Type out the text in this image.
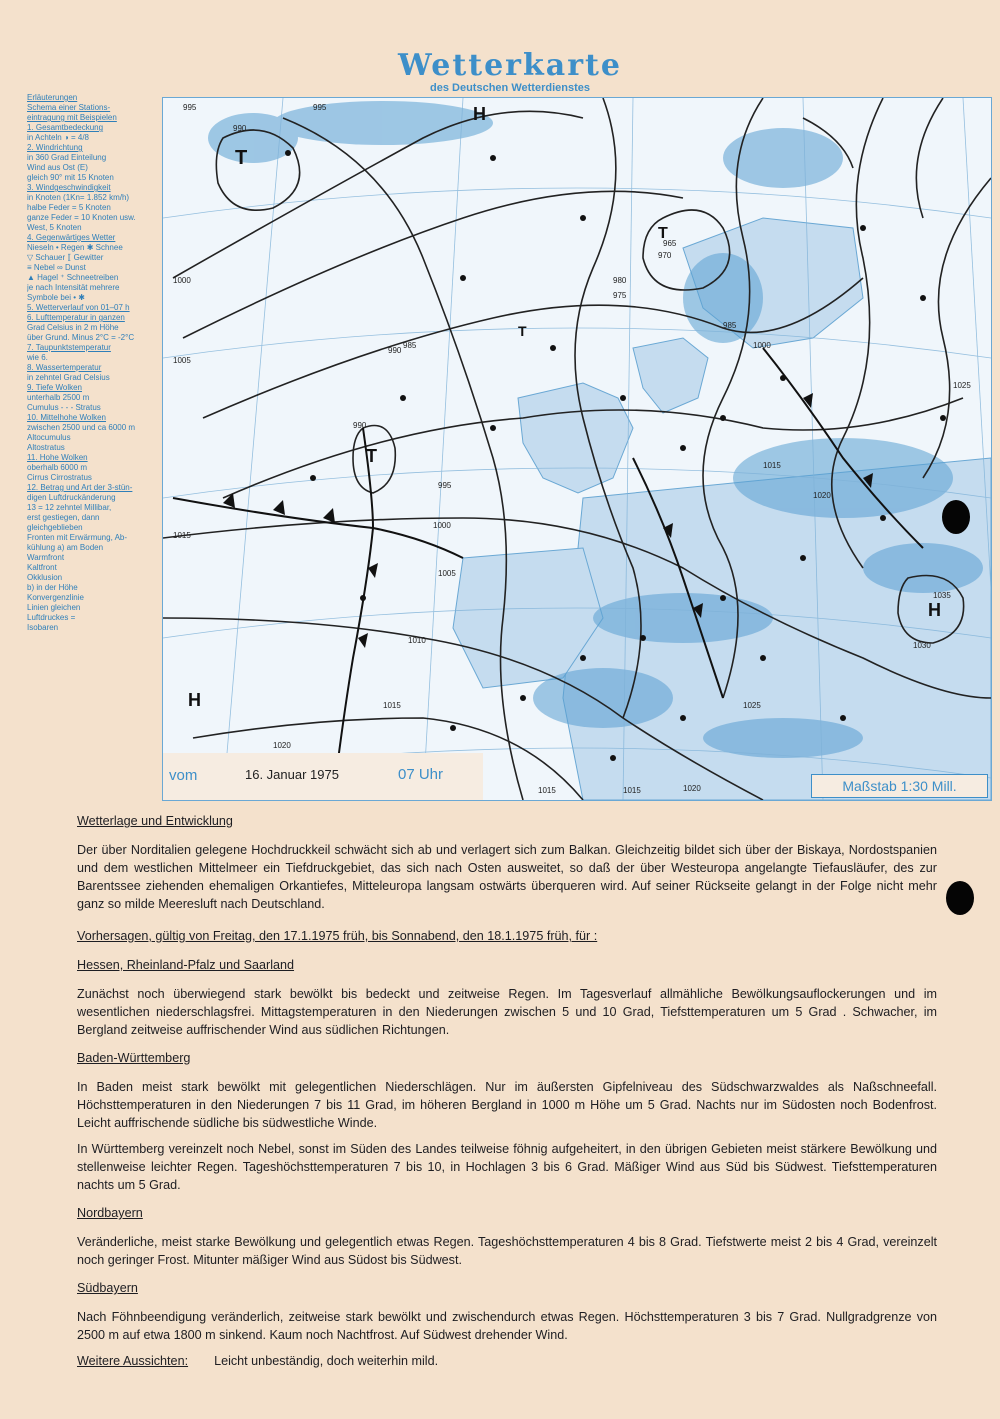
Wetterkarte
des Deutschen Wetterdienstes
Erläuterungen
Schema einer Stations-
eintragung mit Beispielen
1. Gesamtbedeckung
in Achteln ◑ = 4/8
2. Windrichtung
in 360 Grad Einteilung
Wind aus Ost (E)
gleich 90° mit 15 Knoten
3. Windgeschwindigkeit
in Knoten (1Kn= 1.852 km/h)
halbe Feder = 5 Knoten
ganze Feder = 10 Knoten usw.
West, 5 Knoten
4. Gegenwärtiges Wetter
Nieseln • Regen ✱ Schnee
▽ Schauer ⟦ Gewitter
≡ Nebel ∞ Dunst
▲ Hagel ⁺ Schneetreiben
je nach Intensität mehrere
Symbole bei • ✱
5. Wetterverlauf von 01–07 h
6. Lufttemperatur in ganzen
Grad Celsius in 2 m Höhe
über Grund. Minus 2°C = -2°C
7. Taupunktstemperatur
wie 6.
8. Wassertemperatur
in zehntel Grad Celsius
9. Tiefe Wolken
unterhalb 2500 m
Cumulus - - - Stratus
10. Mittelhohe Wolken
zwischen 2500 und ca 6000 m
Altocumulus
Altostratus
11. Hohe Wolken
oberhalb 6000 m
Cirrus Cirrostratus
12. Betrag und Art der 3-stün-
digen Luftdruckänderung
13 = 12 zehntel Millibar,
erst gestiegen, dann
gleichgeblieben
Fronten mit Erwärmung, Ab-
kühlung a) am Boden
Warmfront
Kaltfront
Okklusion
b) in der Höhe
Konvergenzlinie
Linien gleichen
Luftdruckes =
Isobaren
995	995
990
1000
1005
990
985
990
995
1000
1005
1010
1015
1020
1015
980
975
970
965
985
1000
1015
1020
1025
1025
1030
1035
1020
1015
1015
T
T
T
T
H
H
H
vom	16. Januar 1975	07 Uhr
Maßstab 1:30 Mill.
Wetterlage und Entwicklung
Der über Norditalien gelegene Hochdruckkeil schwächt sich ab und verlagert sich zum Balkan. Gleichzeitig bildet sich über der Biskaya, Nordostspanien und dem westlichen Mittelmeer ein Tiefdruckgebiet, das sich nach Osten ausweitet, so daß der über Westeuropa angelangte Tiefausläufer, des zur Barentssee ziehenden ehemaligen Orkantiefes, Mitteleuropa langsam ostwärts überqueren wird. Auf seiner Rückseite gelangt in der Folge nicht mehr ganz so milde Meeresluft nach Deutschland.
Vorhersagen, gültig von Freitag, den 17.1.1975 früh, bis Sonnabend, den 18.1.1975 früh, für :
Hessen, Rheinland-Pfalz und Saarland
Zunächst noch überwiegend stark bewölkt bis bedeckt und zeitweise Regen. Im Tagesverlauf allmähliche Bewölkungsauflockerungen und im wesentlichen niederschlagsfrei. Mittagstemperaturen in den Niederungen zwischen 5 und 10 Grad, Tiefsttemperaturen um 5 Grad . Schwacher, im Bergland zeitweise auffrischender Wind aus südlichen Richtungen.
Baden-Württemberg
In Baden meist stark bewölkt mit gelegentlichen Niederschlägen. Nur im äußersten Gipfelniveau des Südschwarzwaldes als Naßschneefall. Höchsttemperaturen in den Niederungen 7 bis 11 Grad, im höheren Bergland in 1000 m Höhe um 5 Grad. Nachts nur im Südosten noch Bodenfrost. Leicht auffrischende südliche bis südwestliche Winde.
In Württemberg vereinzelt noch Nebel, sonst im Süden des Landes teilweise föhnig aufgeheitert, in den übrigen Gebieten meist stärkere Bewölkung und stellenweise leichter Regen. Tageshöchsttemperaturen 7 bis 10, in Hochlagen 3 bis 6 Grad. Mäßiger Wind aus Süd bis Südwest. Tiefsttemperaturen nachts um 5 Grad.
Nordbayern
Veränderliche, meist starke Bewölkung und gelegentlich etwas Regen. Tageshöchsttemperaturen 4 bis 8 Grad. Tiefstwerte meist 2 bis 4 Grad, vereinzelt noch geringer Frost. Mitunter mäßiger Wind aus Südost bis Südwest.
Südbayern
Nach Föhnbeendigung veränderlich, zeitweise stark bewölkt und zwischendurch etwas Regen. Höchsttemperaturen 3 bis 7 Grad. Nullgradgrenze von 2500 m auf etwa 1800 m sinkend. Kaum noch Nachtfrost. Auf Südwest drehender Wind.
Weitere Aussichten: Leicht unbeständig, doch weiterhin mild.
